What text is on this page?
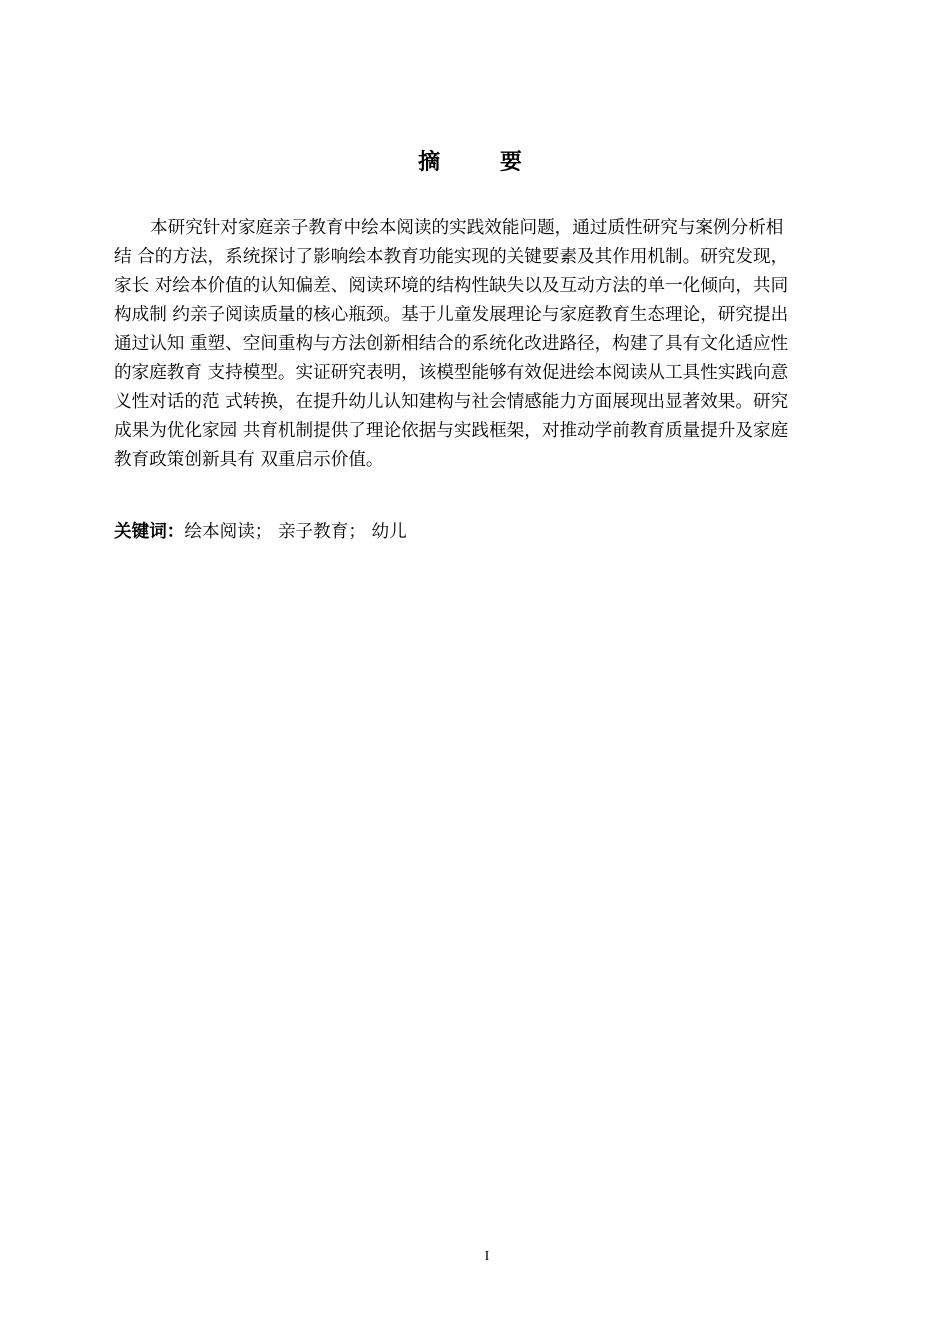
摘 要
本研究针对家庭亲子教育中绘本阅读的实践效能问题，通过质性研究与案例分析相
结 合的方法，系统探讨了影响绘本教育功能实现的关键要素及其作用机制。研究发现，
家长 对绘本价值的认知偏差、阅读环境的结构性缺失以及互动方法的单一化倾向，共同
构成制 约亲子阅读质量的核心瓶颈。基于儿童发展理论与家庭教育生态理论，研究提出
通过认知 重塑、空间重构与方法创新相结合的系统化改进路径，构建了具有文化适应性
的家庭教育 支持模型。实证研究表明，该模型能够有效促进绘本阅读从工具性实践向意
义性对话的范 式转换，在提升幼儿认知建构与社会情感能力方面展现出显著效果。研究
成果为优化家园 共育机制提供了理论依据与实践框架，对推动学前教育质量提升及家庭
教育政策创新具有 双重启示价值。
关键词：绘本阅读； 亲子教育； 幼儿
I
